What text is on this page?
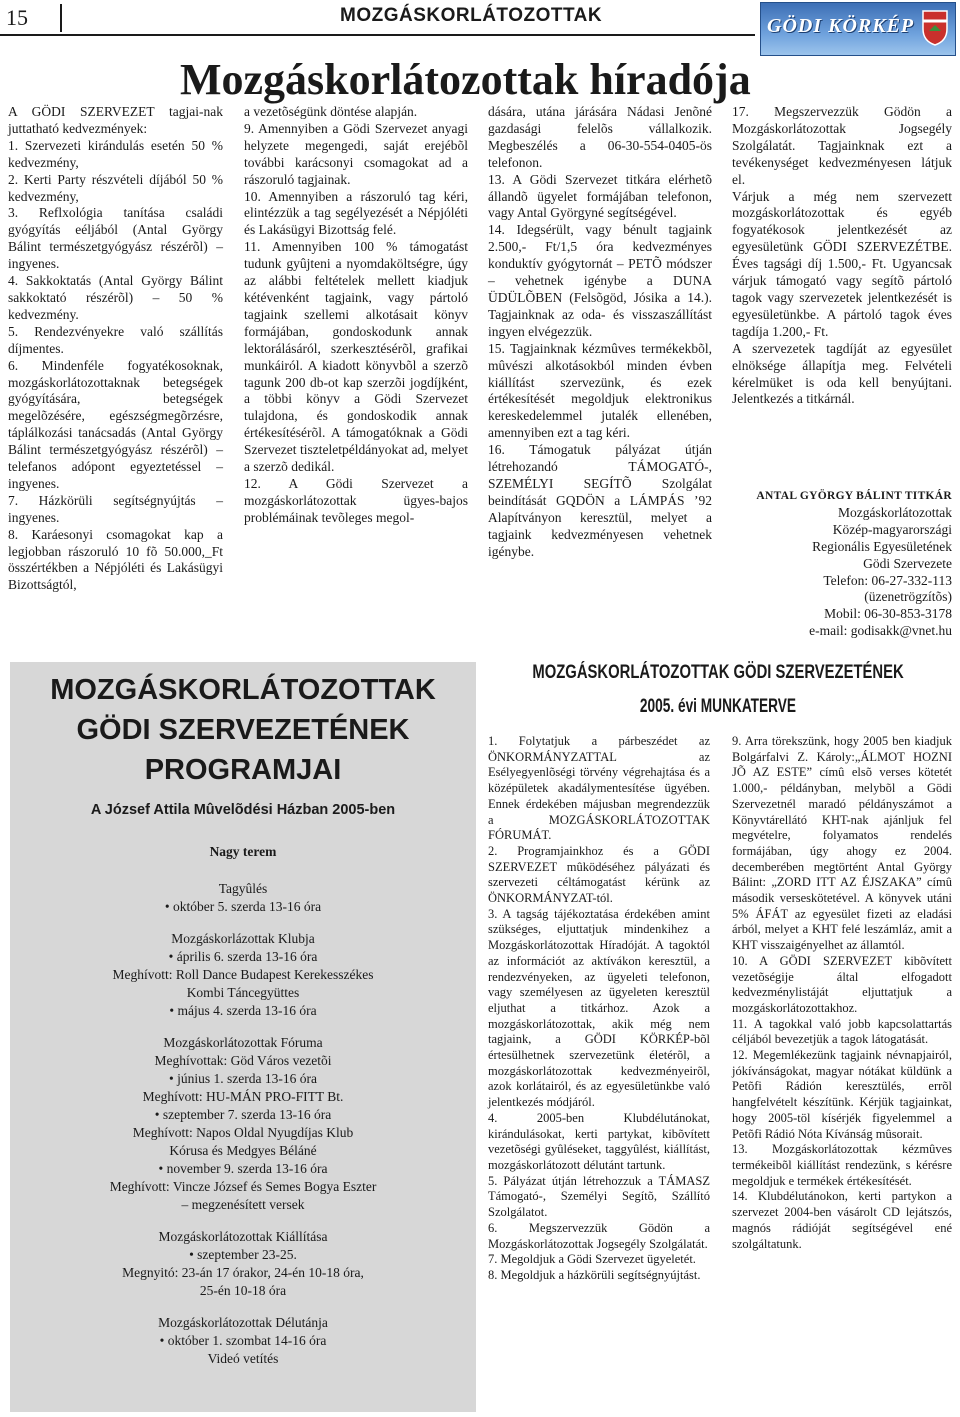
15	MOZGÁSKORLÁTOZOTTAK	GÖDI KÖRKÉP
Mozgáskorlátozottak híradója

A GÖDI SZERVEZET tagjai-nak juttatható kedvezmények:

1. Szervezeti kirándulás esetén 50 % kedvezmény,

2. Kerti Party részvételi díjából 50 % kedvezmény,

3. Reflxológia tanítása családi gyógyítás eéljából (Antal György Bálint természetgyógyász részérõl) – ingyenes.

4. Sakkoktatás (Antal György Bálint sakkoktató részérõl) – 50 % kedvezmény.

5. Rendezvényekre való szállítás díjmentes.

6. Mindenféle fogyatékosoknak, mozgáskorlátozottaknak betegségek gyógyítására, betegségek megelõzésére, egészségmegõrzésre, táplálkozási tanácsadás (Antal György Bálint természetgyógyász részérõl) – telefanos adópont egyeztetéssel – ingyenes.

7. Házkörüli segítségnyújtás – ingyenes.

8. Karáesonyi csomagokat kap a legjobban rászoruló 10 fõ 50.000,_Ft összértékben a Népjóléti és Lakásügyi Bizottságtól,

a vezetõségünk döntése alapján.

9. Amennyiben a Gödi Szervezet anyagi helyzete megengedi, saját erejébõl további karácsonyi csomagokat ad a rászoruló tagjainak.

10. Amennyiben a rászoruló tag kéri, elintézzük a tag segélyezését a Népjóléti és Lakásügyi Bizottság felé.

11. Amennyiben 100 % támogatást tudunk gyûjteni a nyomdaköltségre, úgy az alábbi feltételek mellett kiadjuk kétévenként tagjaink, vagy pártoló tagjaink szellemi alkotásait könyv formájában, gondoskodunk annak lektorálásáról, szerkesztésérõl, grafikai munkáiról. A kiadott könyvbõl a szerzõ tagunk 200 db-ot kap szerzõi jogdíjként, a többi könyv a Gödi Szervezet tulajdona, és gondoskodik annak értékesítésérõl. A támogatóknak a Gödi Szervezet tiszteletpéldányokat ad, melyet a szerzõ dedikál.

12. A Gödi Szervezet a mozgáskorlátozottak ügyes-bajos problémáinak tevõleges megol-

dására, utána járására Nádasi Jenõné gazdasági felelõs vállalkozik. Megbeszélés a 06-30-554-0405-ös telefonon.

13. A Gödi Szervezet titkára elérhetõ állandõ ügyelet formájában telefonon, vagy Antal Györgyné segítségével.

14. Idegsérült, vagy bénult tagjaink 2.500,- Ft/1,5 óra kedvezményes konduktív gyógytornát – PETÕ módszer – vehetnek igénybe a DUNA ÜDÜLÕBEN (Felsõgöd, Jósika a 14.). Tagjainknak az oda- és visszaszállítást ingyen elvégezzük.

15. Tagjainknak kézmûves termékekbõl, mûvészi alkotásokból minden évben kiállítást szervezünk, és ezek értékesítését megoldjuk elektronikus kereskedelemmel jutalék ellenében, amennyiben ezt a tag kéri.

16. Támogatuk pályázat útján létrehozandó TÁMOGATÓ-, SZEMÉLYI SEGÍTÕ Szolgálat beindítását GQDÖN a LÁMPÁS ’92 Alapítványon keresztül, melyet a tagjaink kedvezményesen vehetnek igénybe.

17. Megszervezzük Gödön a Mozgáskorlátozottak Jogsegély Szolgálatát. Tagjainknak ezt a tevékenységet kedvezményesen látjuk el.

Várjuk a még nem szervezett mozgáskorlátozottak és egyéb fogyatékosok jelentkezését az egyesületünk GÖDI SZERVEZÉTBE. Éves tagsági díj 1.500,- Ft. Ugyancsak várjuk támogató vagy segítõ pártoló tagok vagy szervezetek jelentkezését is egyesületünkbe. A pártoló tagok éves tagdíja 1.200,- Ft.

A szervezetek tagdíját az egyesület elnöksége állapítja meg. Felvételi kérelmüket is oda kell benyújtani. Jelentkezés a titkárnál.

ANTAL GYÖRGY BÁLINT TITKÁR

Mozgáskorlátozottak

Közép-magyarországi

Regionális Egyesületének

Gödi Szervezete

Telefon: 06-27-332-113

(üzenetrögzítõs)

Mobil: 06-30-853-3178

e-mail: godisakk@vnet.hu

MOZGÁSKORLÁTOZOTTAK
GÖDI SZERVEZETÉNEK
PROGRAMJAI
A József Attila Mûvelõdési Házban 2005-ben
Nagy terem
Tagyûlés
• október 5. szerda 13-16 óra
Mozgáskorlázottak Klubja
• április 6. szerda 13-16 óra
Meghívott: Roll Dance Budapest Kerekesszékes
Kombi Táncegyüttes
• május 4. szerda 13-16 óra
Mozgáskorlátozottak Fóruma
Meghívottak: Göd Város vezetõi
• június 1. szerda 13-16 óra
Meghívott: HU-MÁN PRO-FITT Bt.
• szeptember 7. szerda 13-16 óra
Meghívott: Napos Oldal Nyugdíjas Klub
Kórusa és Medgyes Béláné
• november 9. szerda 13-16 óra
Meghívott: Vincze József és Semes Bogya Eszter
– megzenésített versek
Mozgáskorlátozottak Kiállítása
• szeptember 23-25.
Megnyitó: 23-án 17 órakor, 24-én 10-18 óra,
25-én 10-18 óra
Mozgáskorlátozottak Délutánja
• október 1. szombat 14-16 óra
Videó vetítés
MOZGÁSKORLÁTOZOTTAK GÖDI SZERVEZETÉNEK
2005. évi MUNKATERVE

1. Folytatjuk a párbeszédet az ÖNKORMÁNYZATTAL az Esélyegyenlõségi törvény végrehajtása és a középületek akadálymentesítése ügyében. Ennek érdekében májusban megrendezzük a MOZGÁSKORLÁTOZOTTAK FÓRUMÁT.

2. Programjainkhoz és a GÖDI SZERVEZET mûködéséhez pályázati és szervezeti céltámogatást kérünk az ÖNKORMÁNYZAT-tól.

3. A tagság tájékoztatása érdekében amint szükséges, eljuttatjuk mindenkihez a Mozgáskorlátozottak Híradóját. A tagoktól az információt az aktívákon keresztül, a rendezvényeken, az ügyeleti telefonon, vagy személyesen az ügyeleten keresztül eljuthat a titkárhoz. Azok a mozgáskorlátozottak, akik még nem tagjaink, a GÖDI KÖRKÉP-bõl értesülhetnek szervezetünk életérõl, a mozgáskorlátozottak kedvezményeirõl, azok korlátairól, és az egyesületünkbe való jelentkezés módjáról.

4. 2005-ben Klubdélutánokat, kirándulásokat, kerti partykat, kibõvített vezetõségi gyûléseket, taggyûlést, kiállítást, mozgáskorlátozott délutánt tartunk.

5. Pályázat útján létrehozzuk a TÁMASZ Támogató-, Személyi Segítõ, Szállító Szolgálatot.

6. Megszervezzük Gödön a Mozgáskorlátozottak Jogsegély Szolgálatát.

7. Megoldjuk a Gödi Szervezet ügyeletét.

8. Megoldjuk a házkörüli segítségnyújtást.

9. Arra törekszünk, hogy 2005 ben kiadjuk Bolgárfalvi Z. Károly:„ÁLMOT HOZNI JÕ AZ ESTE” címû elsõ verses kötetét 1.000,- példányban, melybõl a Gödi Szervezetnél maradó példányszámot a Könyvtárellátó KHT-nak ajánljuk fel megvételre, folyamatos rendelés formájában, úgy ahogy ez 2004. decemberében megtörtént Antal György Bálint: „ZORD ITT AZ ÉJSZAKA” címû második verseskötetével. A könyvek utáni 5% ÁFÁT az egyesület fizeti az eladási árból, melyet a KHT felé leszámláz, amit a KHT visszaigényelhet az államtól.

10. A GÖDI SZERVEZET kibõvített vezetõségije által elfogadott kedvezménylistáját eljuttatjuk a mozgáskorlátozottakhoz.

11. A tagokkal való jobb kapcsolattartás céljából bevezetjük a tagok látogatását.

12. Megemlékezünk tagjaink névnapjairól, jókívánságokat, magyar nótákat küldünk a Petõfi Rádión keresztülés, errõl hangfelvételt készítünk. Kérjük tagjainkat, hogy 2005-töl kísérjék figyelemmel a Petõfi Rádió Nóta Kívánság mûsorait.

13. Mozgáskorlátozottak kézmûves termékeibõl kiállítást rendezünk, s kérésre megoldjuk e termékek értékesítését.

14. Klubdélutánokon, kerti partykon a szervezet 2004-ben vásárolt CD lejátszós, magnós rádióját segítségével ené szolgáltatunk.
